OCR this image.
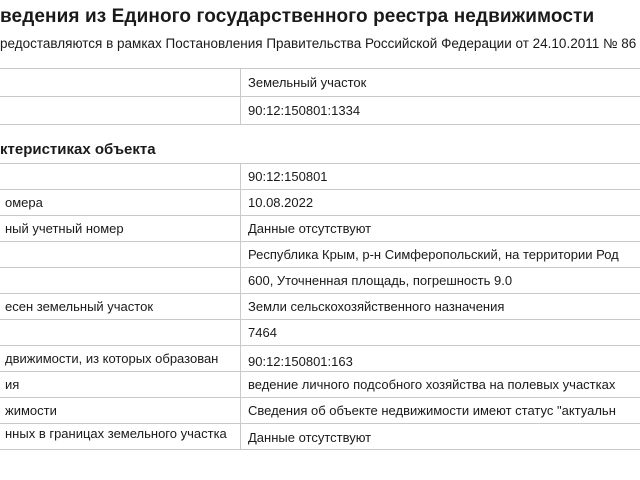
ведения из Единого государственного реестра недвижимости
редоставляются в рамках Постановления Правительства Российской Федерации от 24.10.2011 № 86
	Земельный участок
	90:12:150801:1334
ктеристиках объекта
	90:12:150801
омера	10.08.2022
ный учетный номер	Данные отсутствуют
	Республика Крым, р-н Симферопольский, на территории Род
	600, Уточненная площадь, погрешность 9.0
есен земельный участок	Земли сельскохозяйственного назначения
	7464
движимости, из которых образован	90:12:150801:163
ия	ведение личного подсобного хозяйства на полевых участках
жимости	Сведения об объекте недвижимости имеют статус "актуальн
нных в границах земельного участка	Данные отсутствуют
